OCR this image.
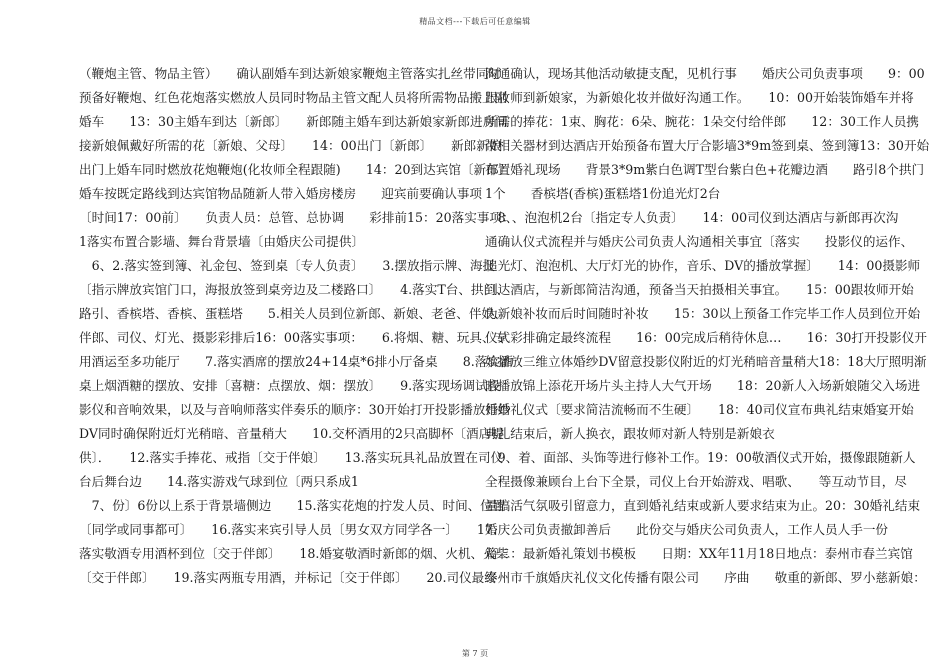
精品文档---下载后可任意编辑

（鞭炮主管、物品主管）　　确认副婚车到达新娘家鞭炮主管落实扎丝带同时

预备好鞭炮、红色花炮落实燃放人员同时物品主管文配人员将所需物品搬上副

婚车　　13：30主婚车到达〔新郎〕　　新郎随主婚车到达新娘家新郎进房间

接新娘佩戴好所需的花〔新娘、父母〕　　14：00出门〔新郎〕　　新郎新娘

出门上婚车同时燃放花炮鞭炮(化妆师全程跟随)　　14：20到达宾馆〔新郎〕

婚车按既定路线到达宾馆物品随新人带入婚房楼房　　迎宾前要确认事项

〔时间17：00前〕　　负责人员：总管、总协调　　彩排前15：20落实事项：

1落实布置合影墙、舞台背景墙〔由婚庆公司提供〕

　6、2.落实签到簿、礼金包、签到桌〔专人负责〕　　3.摆放指示牌、海报

〔指示牌放宾馆门口，海报放签到桌旁边及二楼路口〕　　4.落实T台、拱门、

路引、香槟塔、香槟、蛋糕塔　　5.相关人员到位新郎、新娘、老爸、伴娘、

伴郎、司仪、灯光、摄影彩排后16：00落实事项：　　6.将烟、糖、玩具、专

用酒运至多功能厅　　7.落实酒席的摆放24+14桌*6排小厅备桌　　8.落实酒

桌上烟酒糖的摆放、安排〔喜糖：点摆放、烟：摆放〕　　9.落实现场调试投

影仪和音响效果，以及与音响师落实伴奏乐的顺序：30开始打开投影播放婚纱

DV同时确保附近灯光稍暗、音量稍大　　10.交杯酒用的2只高脚杯〔酒店提

供〕．　　12.落实手捧花、戒指〔交于伴娘〕　　13.落实玩具礼品放置在司仪

台后舞台边　　14.落实游戏气球到位〔两只系成1

　7、份〕6份以上系于背景墙侧边　　15.落实花炮的拧发人员、时间、位置

〔同学或同事都可〕　　16.落实来宾引导人员〔男女双方同学各一〕　　17.

落实敬酒专用酒杯到位〔交于伴郎〕　　18.婚宴敬酒时新郎的烟、火机、火柴

〔交于伴郎〕　　19.落实两瓶专用酒，并标记〔交于伴郎〕　　20.司仪最终

沟通确认，现场其他活动敏捷支配，见机行事　　婚庆公司负责事项　　9：00

跟妆师到新娘家，为新娘化妆并做好沟通工作。　　10：00开始装饰婚车并将

所需的捧花：1束、胸花：6朵、腕花：1朵交付给伴郎　　12：30工作人员携

带相关器材到达酒店开始预备布置大厅合影墙3*9m签到桌、签到簿13：30开始

布置婚礼现场　　背景3*9m紫白色调T型台紫白色+花瓣边酒　　路引8个拱门

1个　　香槟塔(香槟)蛋糕塔1份追光灯2台

　8、、泡泡机2台〔指定专人负责〕　　14：00司仪到达酒店与新郎再次沟

通确认仪式流程并与婚庆公司负责人沟通相关事宜〔落实　　投影仪的运作、

追光灯、泡泡机、大厅灯光的协作，音乐、DV的播放掌握〕　　14：00摄影师

到达酒店，与新郎简洁沟通，预备当天拍摄相关事宜。　　15：00跟妆师开始

为新娘补妆而后时间随时补妆　　15：30以上预备工作完毕工作人员到位开始

仪式彩排确定最终流程　　16：00完成后稍待休息…　　16：30打开投影仪开

始播放三维立体婚纱DV留意投影仪附近的灯光稍暗音量稍大18：18大厅照明渐

暗播放锦上添花开场片头主持人大气开场　　18：20新人入场新娘随父入场进

行婚礼仪式〔要求简洁流畅而不生硬〕　　18：40司仪宣布典礼结束婚宴开始

典礼结束后，新人换衣，跟妆师对新人特别是新娘衣

　9、着、面部、头饰等进行修补工作。19：00敬酒仪式开始，摄像跟随新人

全程摄像兼顾台上台下全景，司仪上台开始游戏、唱歌、　　等互动节目，尽

量搞活气氛吸引留意力，直到婚礼结束或新人要求结束为止。20：30婚礼结束

婚庆公司负责撤卸善后　　此份交与婚庆公司负责人，工作人员人手一份

篇二：最新婚礼策划书模板　　日期：XX年11月18日地点：泰州市春兰宾馆

泰州市千旗婚庆礼仪文化传播有限公司　　序曲　　敬重的新郎、罗小慈新娘：

第 7 页
